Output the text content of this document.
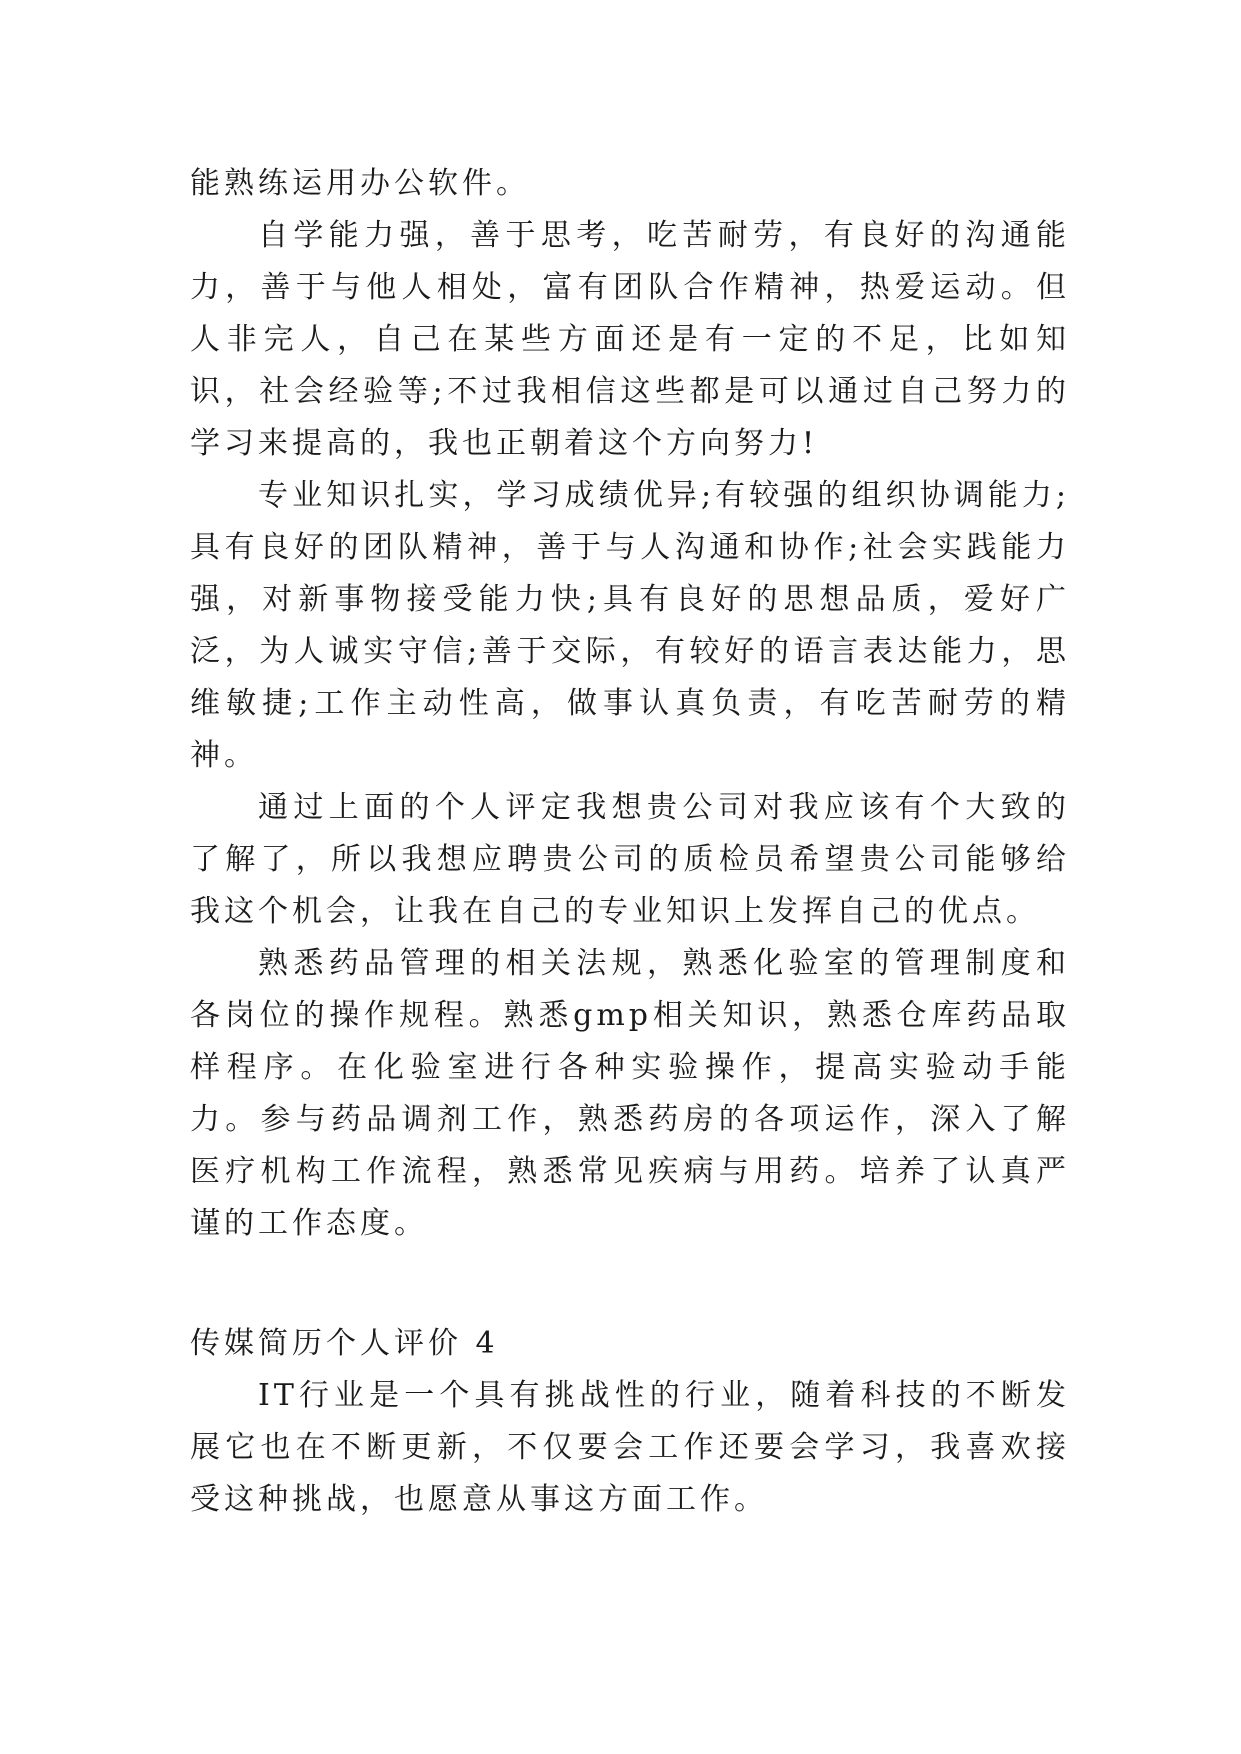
能熟练运用办公软件。

自学能力强，善于思考，吃苦耐劳，有良好的沟通能力，善于与他人相处，富有团队合作精神，热爱运动。但人非完人，自己在某些方面还是有一定的不足，比如知识，社会经验等;不过我相信这些都是可以通过自己努力的学习来提高的，我也正朝着这个方向努力!

专业知识扎实，学习成绩优异;有较强的组织协调能力;具有良好的团队精神，善于与人沟通和协作;社会实践能力强，对新事物接受能力快;具有良好的思想品质，爱好广泛，为人诚实守信;善于交际，有较好的语言表达能力，思维敏捷;工作主动性高，做事认真负责，有吃苦耐劳的精神。

通过上面的个人评定我想贵公司对我应该有个大致的了解了，所以我想应聘贵公司的质检员希望贵公司能够给我这个机会，让我在自己的专业知识上发挥自己的优点。

熟悉药品管理的相关法规，熟悉化验室的管理制度和各岗位的操作规程。熟悉gmp相关知识，熟悉仓库药品取样程序。在化验室进行各种实验操作，提高实验动手能力。参与药品调剂工作，熟悉药房的各项运作，深入了解医疗机构工作流程，熟悉常见疾病与用药。培养了认真严谨的工作态度。

传媒简历个人评价 4

IT行业是一个具有挑战性的行业，随着科技的不断发展它也在不断更新，不仅要会工作还要会学习，我喜欢接受这种挑战，也愿意从事这方面工作。
